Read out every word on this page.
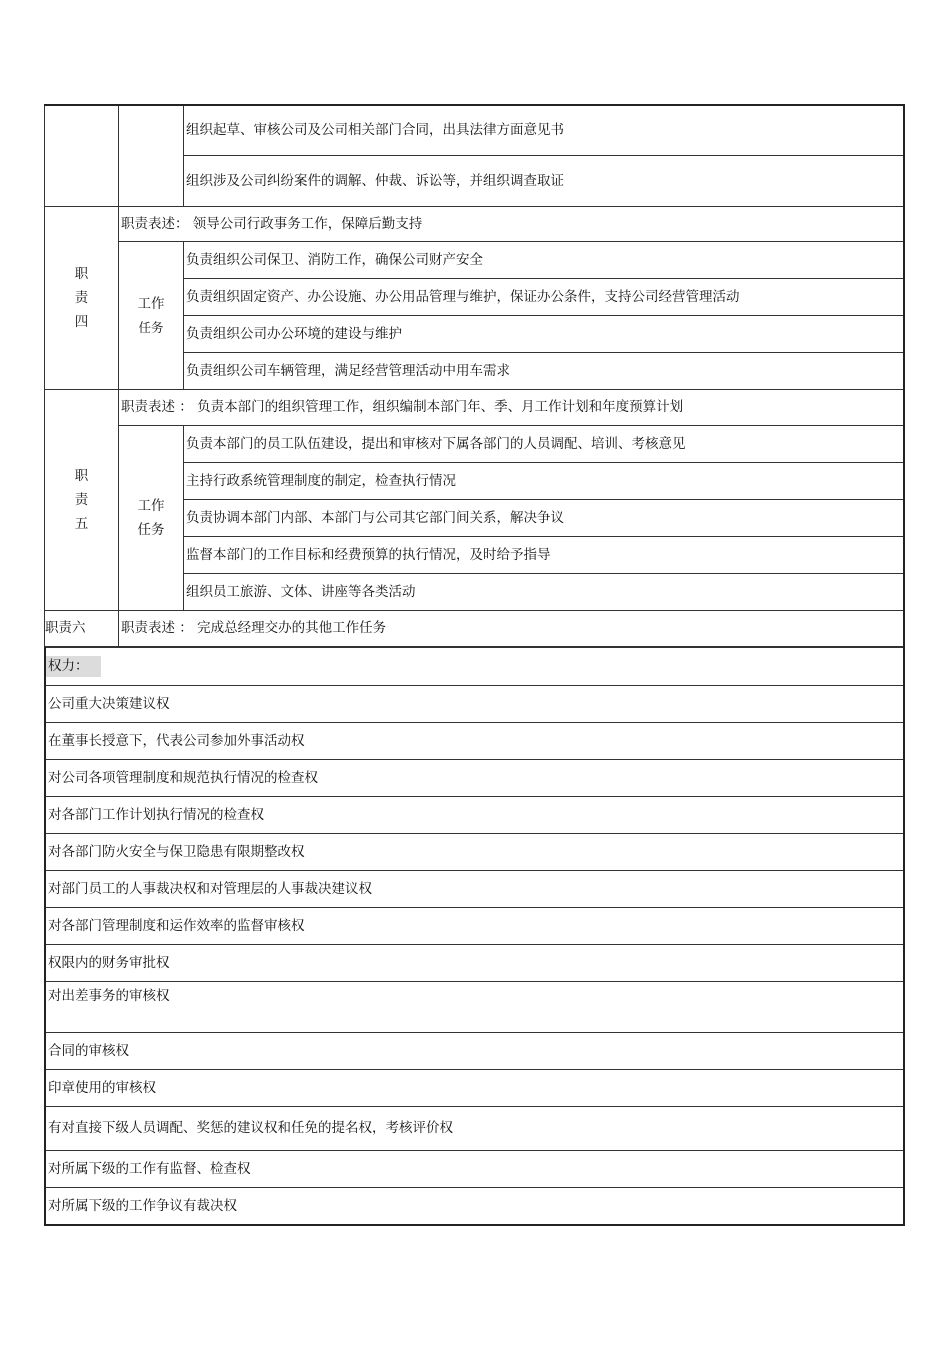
		组织起草、审核公司及公司相关部门合同，出具法律方面意见书
		组织涉及公司纠纷案件的调解、仲裁、诉讼等，并组织调查取证

职
责
四	职责表述： 领导公司行政事务工作，保障后勤支持	

	工作
任务	负责组织公司保卫、消防工作，确保公司财产安全
		负责组织固定资产、办公设施、办公用品管理与维护，保证办公条件，支持公司经营管理活动
		负责组织公司办公环境的建设与维护
		负责组织公司车辆管理，满足经营管理活动中用车需求

职
责
五	职责表述 ： 负责本部门的组织管理工作，组织编制本部门年、季、月工作计划和年度预算计划	

	工作
任务	负责本部门的员工队伍建设，提出和审核对下属各部门的人员调配、培训、考核意见
		主持行政系统管理制度的制定，检查执行情况
		负责协调本部门内部、本部门与公司其它部门间关系，解决争议
		监督本部门的工作目标和经费预算的执行情况，及时给予指导
		组织员工旅游、文体、讲座等各类活动
职责六	职责表述 ： 完成总经理交办的其他工作任务	
权力：
公司重大决策建议权
在董事长授意下，代表公司参加外事活动权
对公司各项管理制度和规范执行情况的检查权
对各部门工作计划执行情况的检查权
对各部门防火安全与保卫隐患有限期整改权
对部门员工的人事裁决权和对管理层的人事裁决建议权
对各部门管理制度和运作效率的监督审核权
权限内的财务审批权
对出差事务的审核权
合同的审核权
印章使用的审核权
有对直接下级人员调配、奖惩的建议权和任免的提名权，考核评价权
对所属下级的工作有监督、检查权
对所属下级的工作争议有裁决权
